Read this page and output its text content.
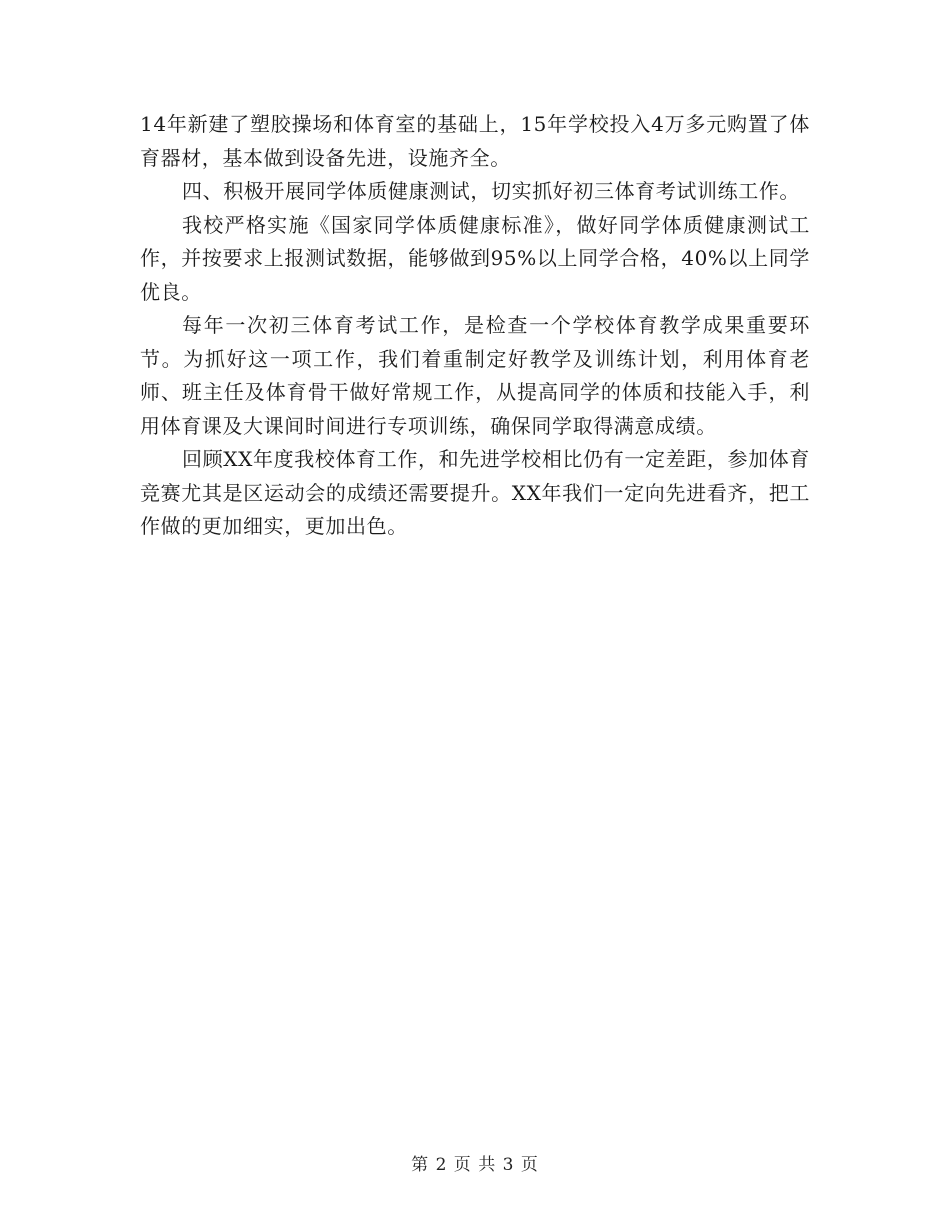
14年新建了塑胶操场和体育室的基础上，15年学校投入4万多元购置了体育器材，基本做到设备先进，设施齐全。

四、积极开展同学体质健康测试，切实抓好初三体育考试训练工作。

我校严格实施《国家同学体质健康标准》，做好同学体质健康测试工作，并按要求上报测试数据，能够做到95%以上同学合格，40%以上同学优良。

每年一次初三体育考试工作，是检查一个学校体育教学成果重要环节。为抓好这一项工作，我们着重制定好教学及训练计划，利用体育老师、班主任及体育骨干做好常规工作，从提高同学的体质和技能入手，利用体育课及大课间时间进行专项训练，确保同学取得满意成绩。

回顾XX年度我校体育工作，和先进学校相比仍有一定差距，参加体育竞赛尤其是区运动会的成绩还需要提升。XX年我们一定向先进看齐，把工作做的更加细实，更加出色。

第 2 页 共 3 页
